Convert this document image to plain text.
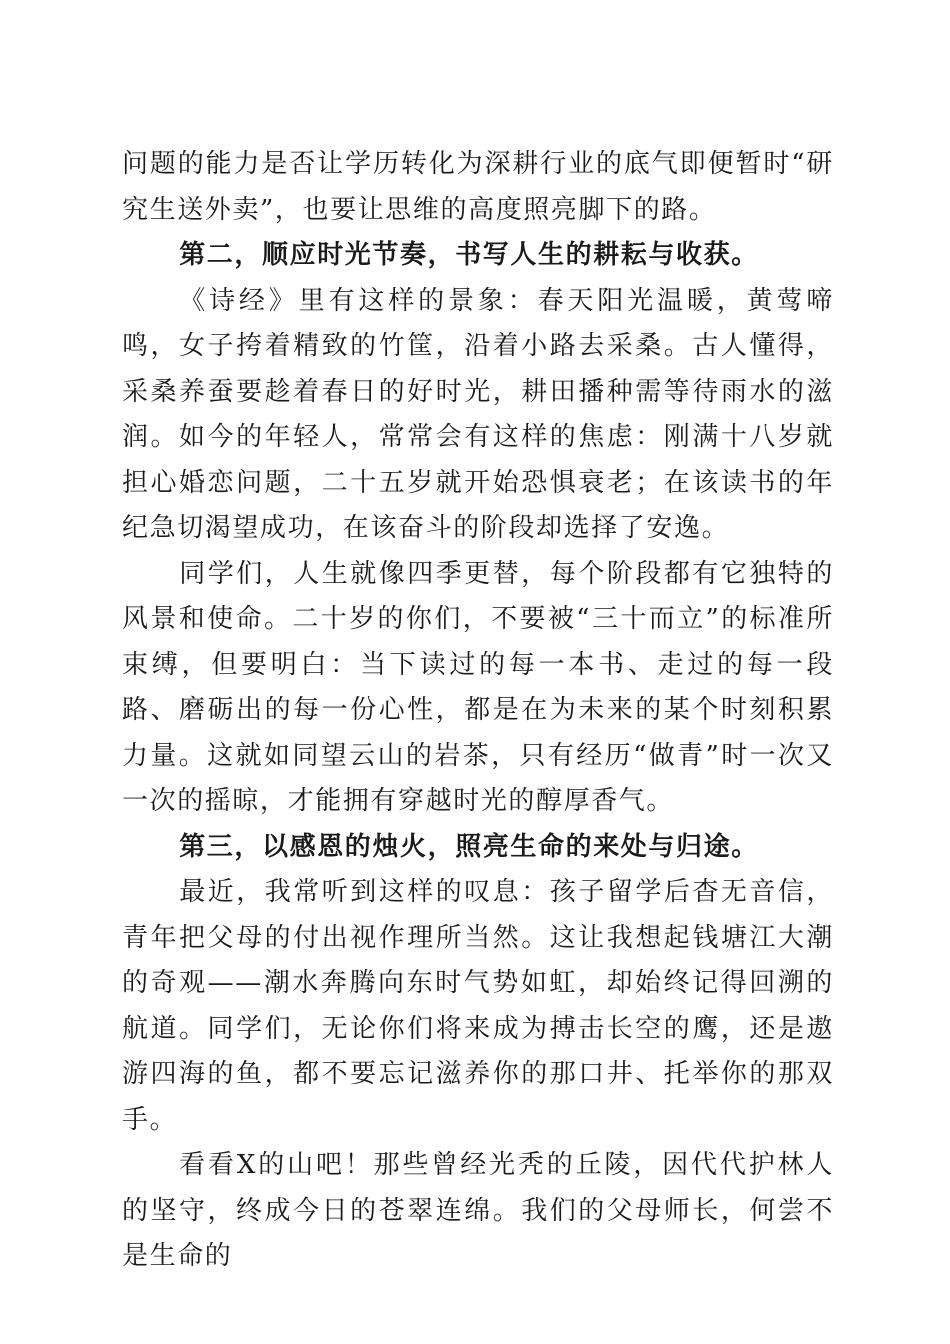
问题的能力是否让学历转化为深耕行业的底气即便暂时“研究生送外卖”，也要让思维的高度照亮脚下的路。

第二，顺应时光节奏，书写人生的耕耘与收获。

《诗经》里有这样的景象：春天阳光温暖，黄莺啼鸣，女子挎着精致的竹筐，沿着小路去采桑。古人懂得，采桑养蚕要趁着春日的好时光，耕田播种需等待雨水的滋润。如今的年轻人，常常会有这样的焦虑：刚满十八岁就担心婚恋问题，二十五岁就开始恐惧衰老；在该读书的年纪急切渴望成功，在该奋斗的阶段却选择了安逸。

同学们，人生就像四季更替，每个阶段都有它独特的风景和使命。二十岁的你们，不要被“三十而立”的标准所束缚，但要明白：当下读过的每一本书、走过的每一段路、磨砺出的每一份心性，都是在为未来的某个时刻积累力量。这就如同望云山的岩茶，只有经历“做青”时一次又一次的摇晾，才能拥有穿越时光的醇厚香气。

第三，以感恩的烛火，照亮生命的来处与归途。

最近，我常听到这样的叹息：孩子留学后杳无音信，青年把父母的付出视作理所当然。这让我想起钱塘江大潮的奇观——潮水奔腾向东时气势如虹，却始终记得回溯的航道。同学们，无论你们将来成为搏击长空的鹰，还是遨游四海的鱼，都不要忘记滋养你的那口井、托举你的那双手。

看看X的山吧！那些曾经光秃的丘陵，因代代护林人的坚守，终成今日的苍翠连绵。我们的父母师长，何尝不是生命的
